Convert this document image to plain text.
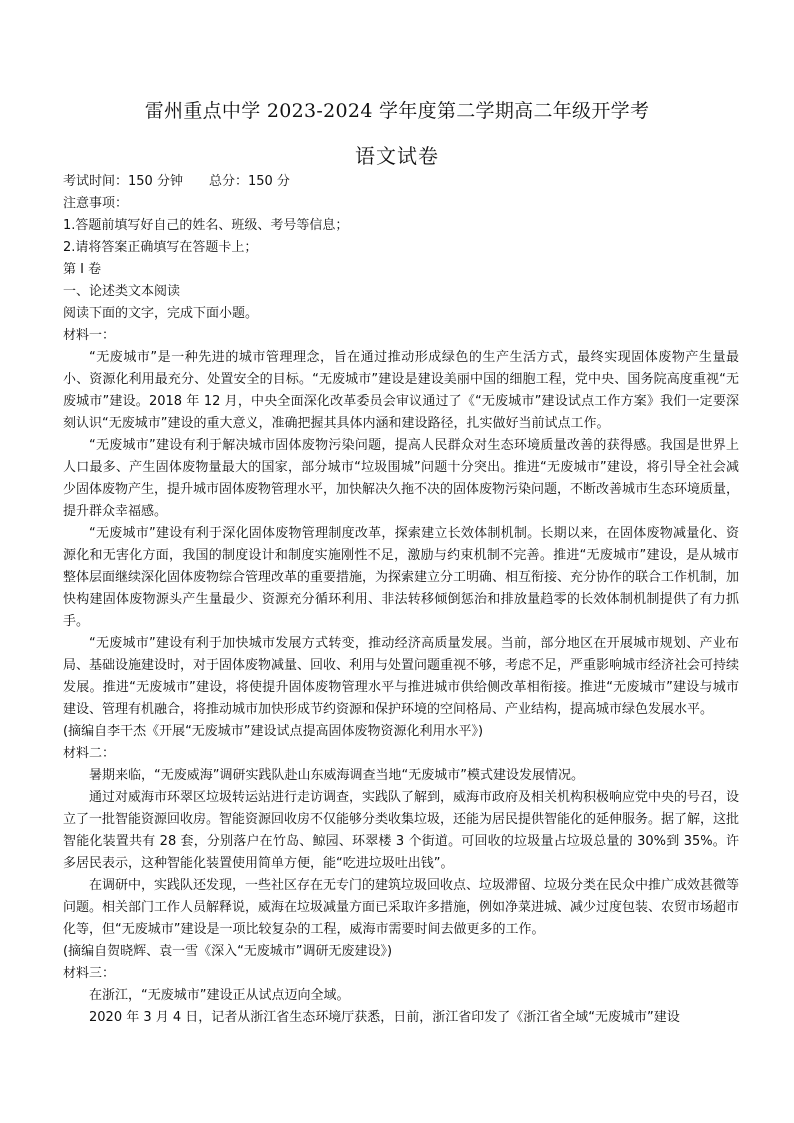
雷州重点中学 2023-2024 学年度第二学期高二年级开学考
语文试卷
考试时间：150 分钟　　总分：150 分
注意事项：
1.答题前填写好自己的姓名、班级、考号等信息；
2.请将答案正确填写在答题卡上；
第 I 卷
一、论述类文本阅读
阅读下面的文字，完成下面小题。
材料一：
“无废城市”是一种先进的城市管理理念，旨在通过推动形成绿色的生产生活方式，最终实现固体废物产生量最小、资源化利用最充分、处置安全的目标。“无废城市”建设是建设美丽中国的细胞工程，党中央、国务院高度重视“无废城市”建设。2018 年 12 月，中央全面深化改革委员会审议通过了《“无废城市”建设试点工作方案》我们一定要深刻认识“无废城市”建设的重大意义，准确把握其具体内涵和建设路径，扎实做好当前试点工作。
“无废城市”建设有利于解决城市固体废物污染问题，提高人民群众对生态环境质量改善的获得感。我国是世界上人口最多、产生固体废物量最大的国家，部分城市“垃圾围城”问题十分突出。推进“无废城市”建设，将引导全社会减少固体废物产生，提升城市固体废物管理水平，加快解决久拖不决的固体废物污染问题，不断改善城市生态环境质量，提升群众幸福感。
“无废城市”建设有利于深化固体废物管理制度改革，探索建立长效体制机制。长期以来，在固体废物减量化、资源化和无害化方面，我国的制度设计和制度实施刚性不足，激励与约束机制不完善。推进“无废城市”建设，是从城市整体层面继续深化固体废物综合管理改革的重要措施，为探索建立分工明确、相互衔接、充分协作的联合工作机制，加快构建固体废物源头产生量最少、资源充分循环利用、非法转移倾倒惩治和排放量趋零的长效体制机制提供了有力抓手。
“无废城市”建设有利于加快城市发展方式转变，推动经济高质量发展。当前，部分地区在开展城市规划、产业布局、基础设施建设时，对于固体废物减量、回收、利用与处置问题重视不够，考虑不足，严重影响城市经济社会可持续发展。推进“无废城市”建设，将使提升固体废物管理水平与推进城市供给侧改革相衔接。推进“无废城市”建设与城市建设、管理有机融合，将推动城市加快形成节约资源和保护环境的空间格局、产业结构，提高城市绿色发展水平。
(摘编自李干杰《开展“无废城市”建设试点提高固体废物资源化利用水平》)
材料二：
暑期来临，“无废威海”调研实践队赴山东威海调查当地“无废城市”模式建设发展情况。
通过对威海市环翠区垃圾转运站进行走访调查，实践队了解到，威海市政府及相关机构积极响应党中央的号召，设立了一批智能资源回收房。智能资源回收房不仅能够分类收集垃圾，还能为居民提供智能化的延伸服务。据了解，这批智能化装置共有 28 套，分别落户在竹岛、鲸园、环翠楼 3 个街道。可回收的垃圾量占垃圾总量的 30%到 35%。许多居民表示，这种智能化装置使用简单方便，能“吃进垃圾吐出钱”。
在调研中，实践队还发现，一些社区存在无专门的建筑垃圾回收点、垃圾滞留、垃圾分类在民众中推广成效甚微等问题。相关部门工作人员解释说，威海在垃圾减量方面已采取许多措施，例如净菜进城、减少过度包装、农贸市场超市化等，但“无废城市”建设是一项比较复杂的工程，威海市需要时间去做更多的工作。
(摘编自贺晓辉、袁一雪《深入“无废城市”调研无废建设》)
材料三：
在浙江，“无废城市”建设正从试点迈向全域。
2020 年 3 月 4 日，记者从浙江省生态环境厅获悉，日前，浙江省印发了《浙江省全域“无废城市”建设
